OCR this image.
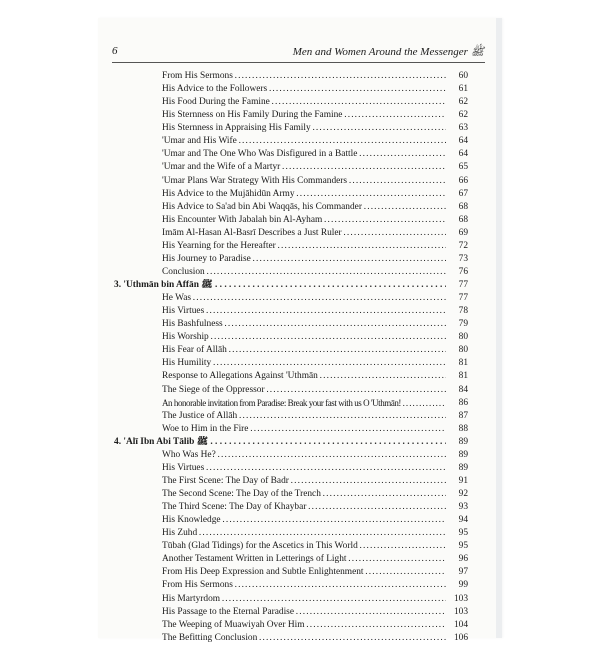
6	Men and Women Around the Messenger ﷺ
From His Sermons . . .	60
His Advice to the Followers . . .	61
His Food During the Famine . . .	62
His Sternness on His Family During the Famine . . .	62
His Sternness in Appraising His Family . . .	63
'Umar and His Wife . . .	64
'Umar and The One Who Was Disfigured in a Battle . . .	64
'Umar and the Wife of a Martyr . . .	65
'Umar Plans War Strategy With His Commanders . . .	66
His Advice to the Mujāhidūn Army . . .	67
His Advice to Sa'ad bin Abi Waqqās, his Commander . . .	68
His Encounter With Jabalah bin Al-Ayham . . .	68
Imām Al-Hasan Al-Basrī Describes a Just Ruler . . .	69
His Yearning for the Hereafter . . .	72
His Journey to Paradise . . .	73
Conclusion . . .	76
3. 'Uthmān bin Affān ﷺ . . .	77
He Was . . .	77
His Virtues . . .	78
His Bashfulness . . .	79
His Worship . . .	80
His Fear of Allāh . . .	80
His Humility . . .	81
Response to Allegations Against 'Uthmān . . .	81
The Siege of the Oppressor . . .	84
An honorable invitation from Paradise: Break your fast with us O 'Uthmān! . . .	86
The Justice of Allāh . . .	87
Woe to Him in the Fire . . .	88
4. 'Alī Ibn Abi Tālib ﷺ . . .	89
Who Was He? . . .	89
His Virtues . . .	89
The First Scene: The Day of Badr . . .	91
The Second Scene: The Day of the Trench . . .	92
The Third Scene: The Day of Khaybar . . .	93
His Knowledge . . .	94
His Zuhd . . .	95
Tūbah (Glad Tidings) for the Ascetics in This World . . .	95
Another Testament Written in Letterings of Light . . .	96
From His Deep Expression and Subtle Enlightenment . . .	97
From His Sermons . . .	99
His Martyrdom . . .	103
His Passage to the Eternal Paradise . . .	103
The Weeping of Muawiyah Over Him . . .	104
The Befitting Conclusion . . .	106
